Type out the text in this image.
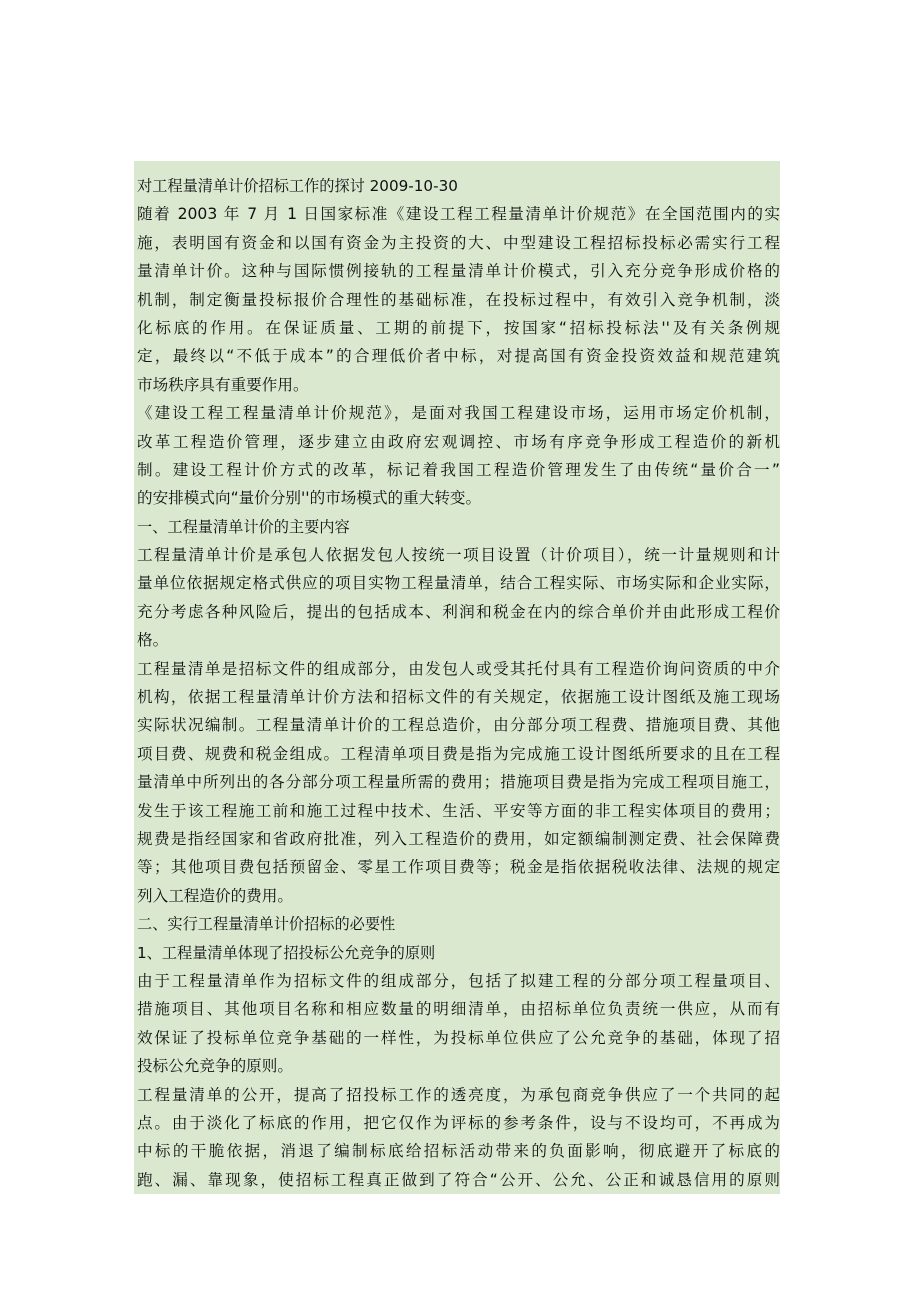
对工程量清单计价招标工作的探讨 2009-10-30
随着 2003 年 7 月 1 日国家标准《建设工程工程量清单计价规范》在全国范围内的实
施，表明国有资金和以国有资金为主投资的大、中型建设工程招标投标必需实行工程
量清单计价。这种与国际惯例接轨的工程量清单计价模式，引入充分竞争形成价格的
机制，制定衡量投标报价合理性的基础标准，在投标过程中，有效引入竞争机制，淡
化标底的作用。在保证质量、工期的前提下，按国家“招标投标法''及有关条例规
定，最终以“不低于成本”的合理低价者中标，对提高国有资金投资效益和规范建筑
市场秩序具有重要作用。
《建设工程工程量清单计价规范》，是面对我国工程建设市场，运用市场定价机制，
改革工程造价管理，逐步建立由政府宏观调控、市场有序竞争形成工程造价的新机
制。建设工程计价方式的改革，标记着我国工程造价管理发生了由传统“量价合一”
的安排模式向“量价分别''的市场模式的重大转变。
一、工程量清单计价的主要内容
工程量清单计价是承包人依据发包人按统一项目设置（计价项目），统一计量规则和计
量单位依据规定格式供应的项目实物工程量清单，结合工程实际、市场实际和企业实际，
充分考虑各种风险后，提出的包括成本、利润和税金在内的综合单价并由此形成工程价
格。
工程量清单是招标文件的组成部分，由发包人或受其托付具有工程造价询问资质的中介
机构，依据工程量清单计价方法和招标文件的有关规定，依据施工设计图纸及施工现场
实际状况编制。工程量清单计价的工程总造价，由分部分项工程费、措施项目费、其他
项目费、规费和税金组成。工程清单项目费是指为完成施工设计图纸所要求的且在工程
量清单中所列出的各分部分项工程量所需的费用；措施项目费是指为完成工程项目施工，
发生于该工程施工前和施工过程中技术、生活、平安等方面的非工程实体项目的费用；
规费是指经国家和省政府批准，列入工程造价的费用，如定额编制测定费、社会保障费
等；其他项目费包括预留金、零星工作项目费等；税金是指依据税收法律、法规的规定
列入工程造价的费用。
二、实行工程量清单计价招标的必要性
1、工程量清单体现了招投标公允竞争的原则
由于工程量清单作为招标文件的组成部分，包括了拟建工程的分部分项工程量项目、
措施项目、其他项目名称和相应数量的明细清单，由招标单位负责统一供应，从而有
效保证了投标单位竞争基础的一样性，为投标单位供应了公允竞争的基础，体现了招
投标公允竞争的原则。
工程量清单的公开，提高了招投标工作的透亮度，为承包商竞争供应了一个共同的起
点。由于淡化了标底的作用，把它仅作为评标的参考条件，设与不设均可，不再成为
中标的干脆依据，消退了编制标底给招标活动带来的负面影响，彻底避开了标底的
跑、漏、靠现象，使招标工程真正做到了符合“公开、公允、公正和诚恳信用的原则
